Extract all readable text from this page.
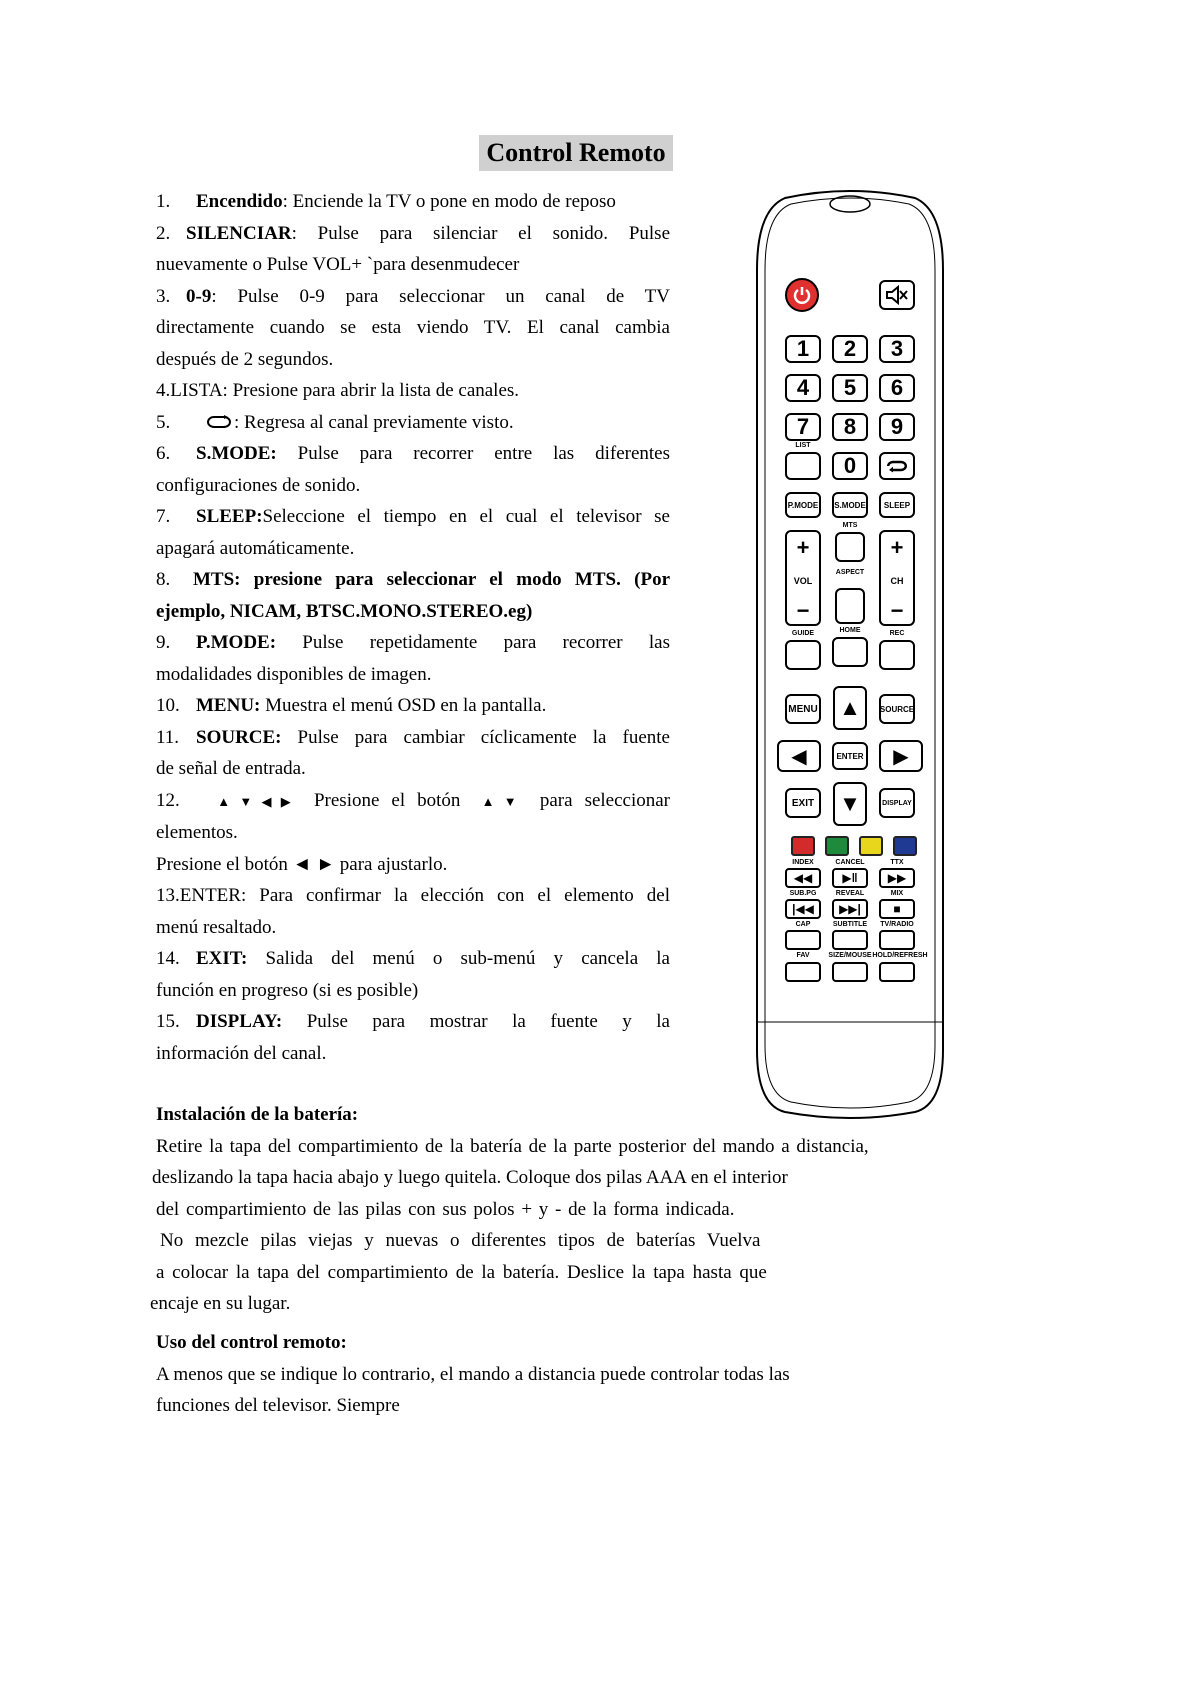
Control Remoto

1. Encendido: Enciende la TV o pone en modo de reposo

2. SILENCIAR: Pulse para silenciar el sonido. Pulse

nuevamente o Pulse VOL+ `para desenmudecer

3. 0-9: Pulse 0-9 para seleccionar un canal de TV

directamente cuando se esta viendo TV. El canal cambia

después de 2 segundos.

4.LISTA: Presione para abrir la lista de canales.

5.	: Regresa al canal previamente visto.

6. S.MODE: Pulse para recorrer entre las diferentes

configuraciones de sonido.

7. SLEEP:Seleccione el tiempo en el cual el televisor se

apagará automáticamente.

8. MTS: presione para seleccionar el modo MTS. (Por

ejemplo, NICAM, BTSC.MONO.STEREO.eg)

9. P.MODE: Pulse repetidamente para recorrer las

modalidades disponibles de imagen.

10. MENU: Muestra el menú OSD en la pantalla.

11. SOURCE: Pulse para cambiar cíclicamente la fuente

de señal de entrada.

12. ▲▼◀▶ Presione el botón ▲▼ para seleccionar

elementos.

Presione el botón ◄ ► para ajustarlo.

13.ENTER: Para confirmar la elección con el elemento del

menú resaltado.

14. EXIT: Salida del menú o sub-menú y cancela la

función en progreso (si es posible)

15. DISPLAY: Pulse para mostrar la fuente y la

información del canal.

Instalación de la batería:

Retire la tapa del compartimiento de la batería de la parte posterior del mando a distancia,

deslizando la tapa hacia abajo y luego quitela. Coloque dos pilas AAA en el interior

del compartimiento de las pilas con sus polos + y - de la forma indicada.

No mezcle pilas viejas y nuevas o diferentes tipos de baterías Vuelva

a colocar la tapa del compartimiento de la batería. Deslice la tapa hasta que

encaje en su lugar.

Uso del control remoto:

A menos que se indique lo contrario, el mando a distancia puede controlar todas las

funciones del televisor. Siempre

1	2	3
4	5	6
7	8	9
LIST
0
P.MODE	S.MODE	SLEEP
+
VOL
−
MTS
ASPECT
+
CH
−
GUIDE	HOME	REC
MENU ▲	SOURCE
◀	ENTER	▶
EXIT	▼	DISPLAY
INDEX	CANCEL	TTX
◀◀	▶‖	▶▶
SUB.PG	REVEAL	MIX
|◀◀	▶▶|	■
CAP	SUBTITLE	TV/RADIO
FAV	SIZE/MOUSE HOLD/REFRESH
